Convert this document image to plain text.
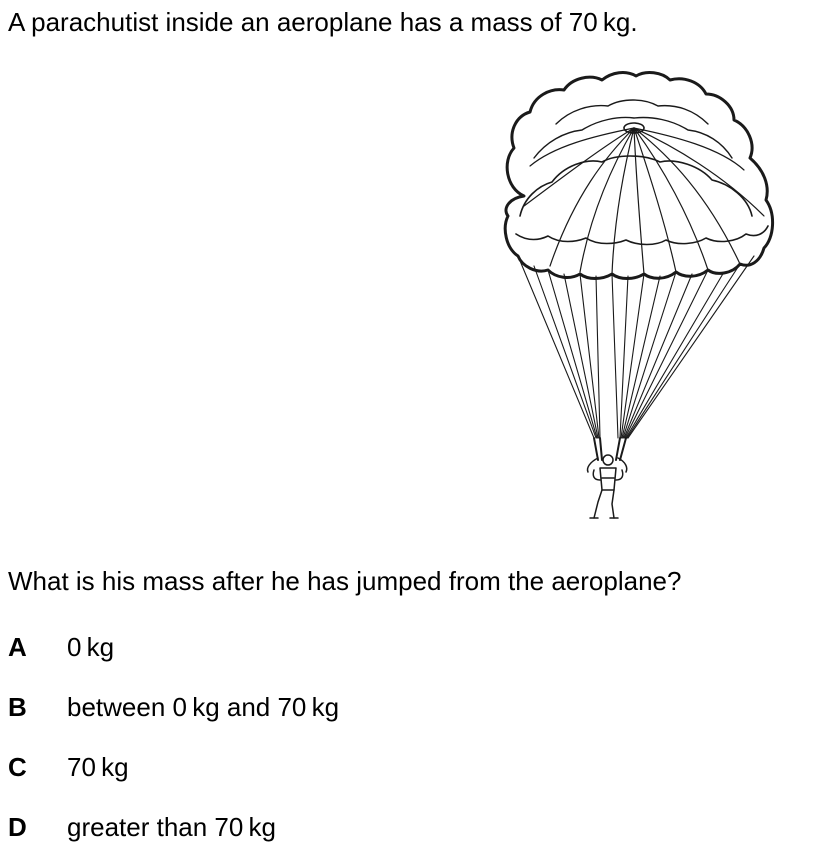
A parachutist inside an aeroplane has a mass of 70 kg.

What is his mass after he has jumped from the aeroplane?

A	0 kg
B	between 0 kg and 70 kg
C	70 kg
D	greater than 70 kg
